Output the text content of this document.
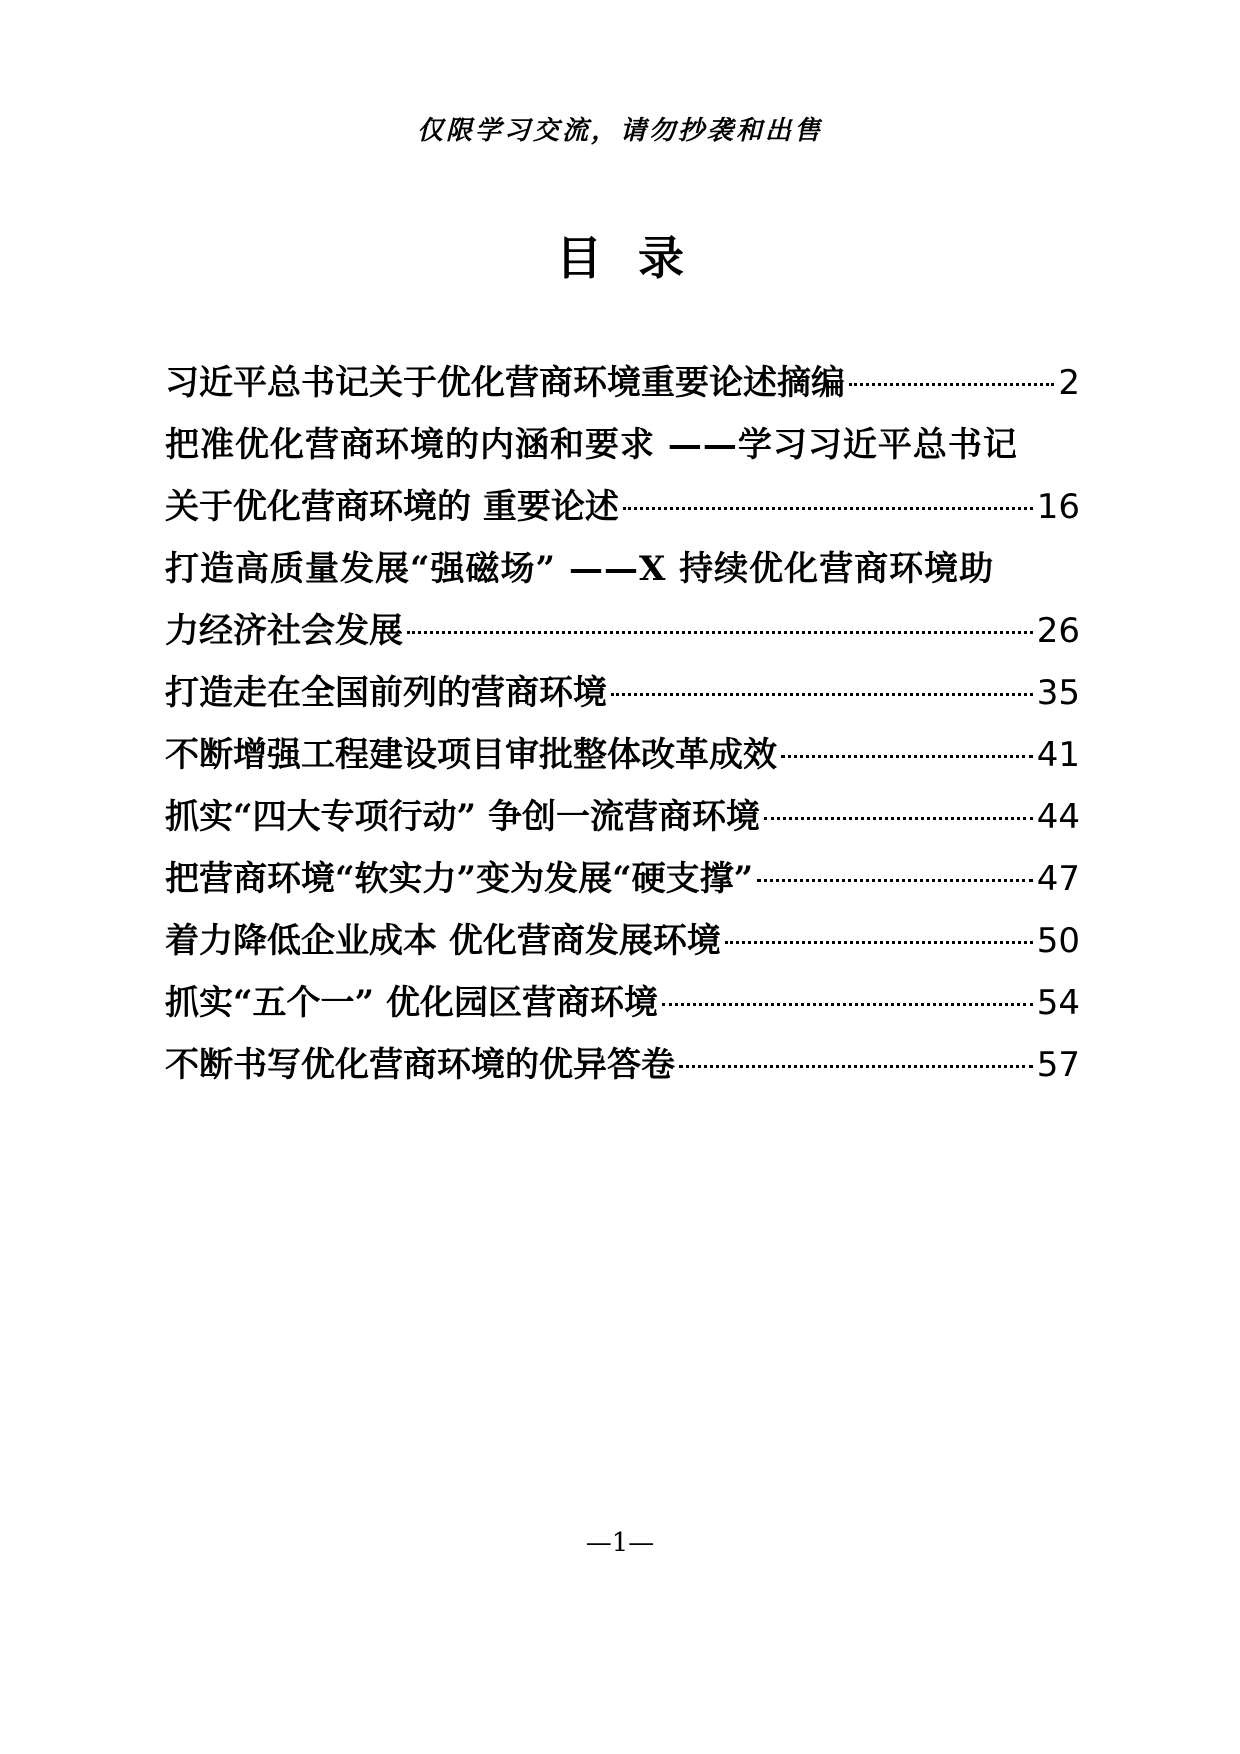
仅限学习交流，请勿抄袭和出售
目录
习近平总书记关于优化营商环境重要论述摘编	2
把准优化营商环境的内涵和要求 ——学习习近平总书记
关于优化营商环境的 重要论述	16
打造高质量发展“强磁场” ——X 持续优化营商环境助
力经济社会发展	26
打造走在全国前列的营商环境	35
不断增强工程建设项目审批整体改革成效	41
抓实“四大专项行动” 争创一流营商环境	44
把营商环境“软实力”变为发展“硬支撑”	47
着力降低企业成本 优化营商发展环境	50
抓实“五个一” 优化园区营商环境	54
不断书写优化营商环境的优异答卷	57
—1—
